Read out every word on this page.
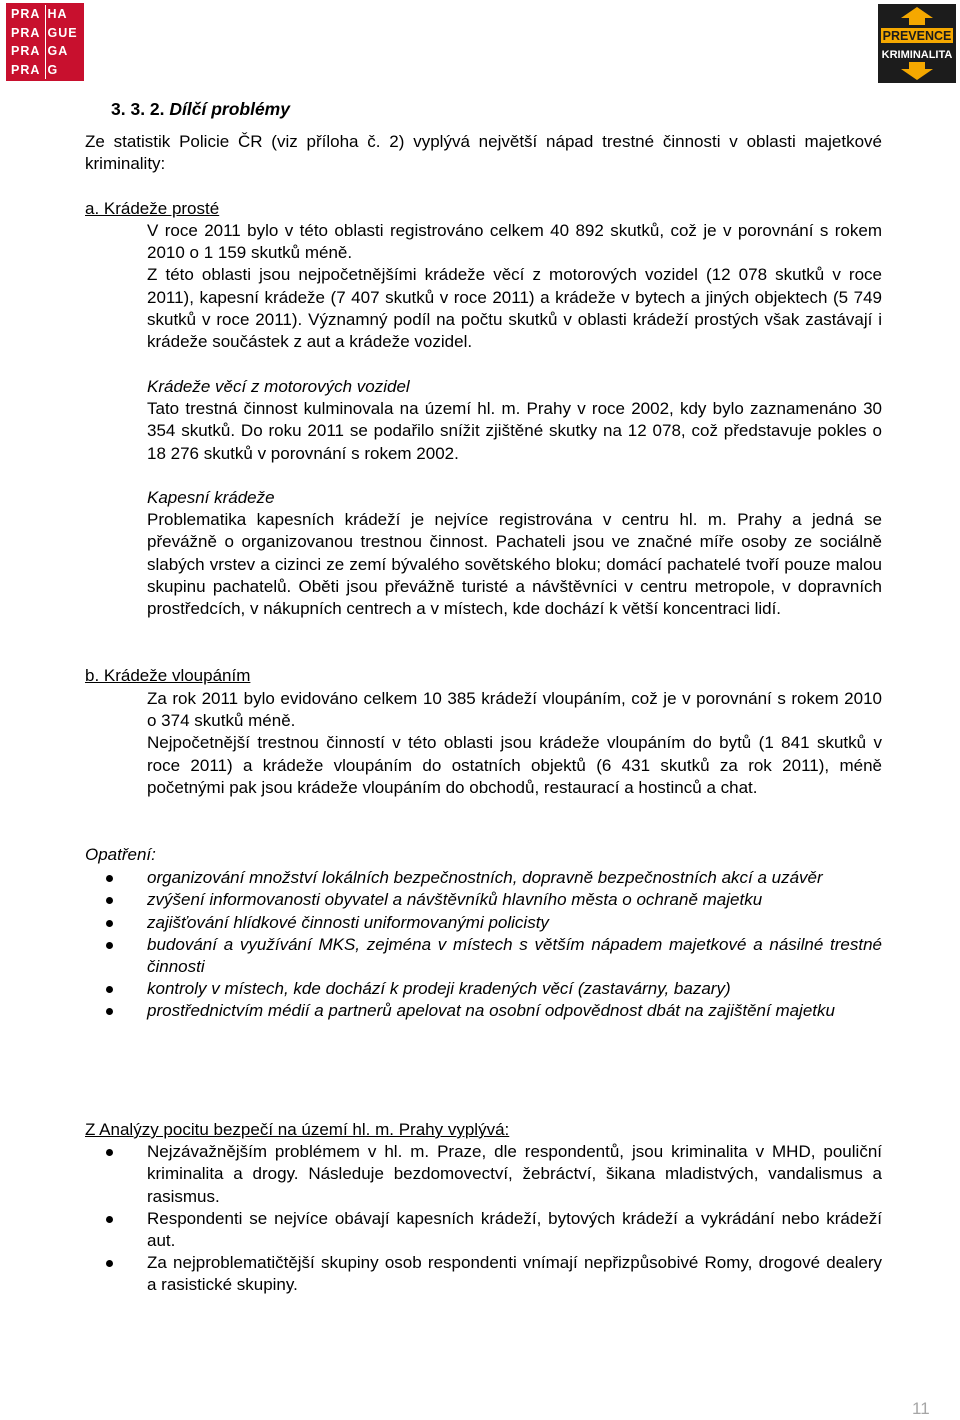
PRA HA
PRA GUE
PRA GA
PRA G
PREVENCE
KRIMINALITA
3. 3. 2. Dílčí problémy

Ze statistik Policie ČR (viz příloha č. 2) vyplývá největší nápad trestné činnosti v oblasti majetkové kriminality:

a. Krádeže prosté

V roce 2011 bylo v této oblasti registrováno celkem 40 892 skutků, což je v porovnání s rokem 2010 o 1 159 skutků méně.

Z této oblasti jsou nejpočetnějšími krádeže věcí z motorových vozidel (12 078 skutků v roce 2011), kapesní krádeže (7 407 skutků v roce 2011) a krádeže v bytech a jiných objektech (5 749 skutků v roce 2011). Významný podíl na počtu skutků v oblasti krádeží prostých však zastávají i krádeže součástek z aut a krádeže vozidel.

Krádeže věcí z motorových vozidel

Tato trestná činnost kulminovala na území hl. m. Prahy v roce 2002, kdy bylo zaznamenáno 30 354 skutků. Do roku 2011 se podařilo snížit zjištěné skutky na 12 078, což představuje pokles o 18 276 skutků v porovnání s rokem 2002.

Kapesní krádeže

Problematika kapesních krádeží je nejvíce registrována v centru hl. m. Prahy a jedná se převážně o organizovanou trestnou činnost. Pachateli jsou ve značné míře osoby ze sociálně slabých vrstev a cizinci ze zemí bývalého sovětského bloku; domácí pachatelé tvoří pouze malou skupinu pachatelů. Oběti jsou převážně turisté a návštěvníci v centru metropole, v dopravních prostředcích, v nákupních centrech a v místech, kde dochází k větší koncentraci lidí.

b. Krádeže vloupáním

Za rok 2011 bylo evidováno celkem 10 385 krádeží vloupáním, což je v porovnání s rokem 2010 o 374 skutků méně.

Nejpočetnější trestnou činností v této oblasti jsou krádeže vloupáním do bytů (1 841 skutků v roce 2011) a krádeže vloupáním do ostatních objektů (6 431 skutků za rok 2011), méně početnými pak jsou krádeže vloupáním do obchodů, restaurací a hostinců a chat.

Opatření:

organizování množství lokálních bezpečnostních, dopravně bezpečnostních akcí a uzávěr
zvýšení informovanosti obyvatel a návštěvníků hlavního města o ochraně majetku
zajišťování hlídkové činnosti uniformovanými policisty
budování a využívání MKS, zejména v místech s větším nápadem majetkové a násilné trestné činnosti
kontroly v místech, kde dochází k prodeji kradených věcí (zastavárny, bazary)
prostřednictvím médií a partnerů apelovat na osobní odpovědnost dbát na zajištění majetku

Z Analýzy pocitu bezpečí na území hl. m. Prahy vyplývá:

Nejzávažnějším problémem v hl. m. Praze, dle respondentů, jsou kriminalita v MHD, pouliční kriminalita a drogy. Následuje bezdomovectví, žebráctví, šikana mladistvých, vandalismus a rasismus.
Respondenti se nejvíce obávají kapesních krádeží, bytových krádeží a vykrádání nebo krádeží aut.
Za nejproblematičtější skupiny osob respondenti vnímají nepřizpůsobivé Romy, drogové dealery a rasistické skupiny.
11
